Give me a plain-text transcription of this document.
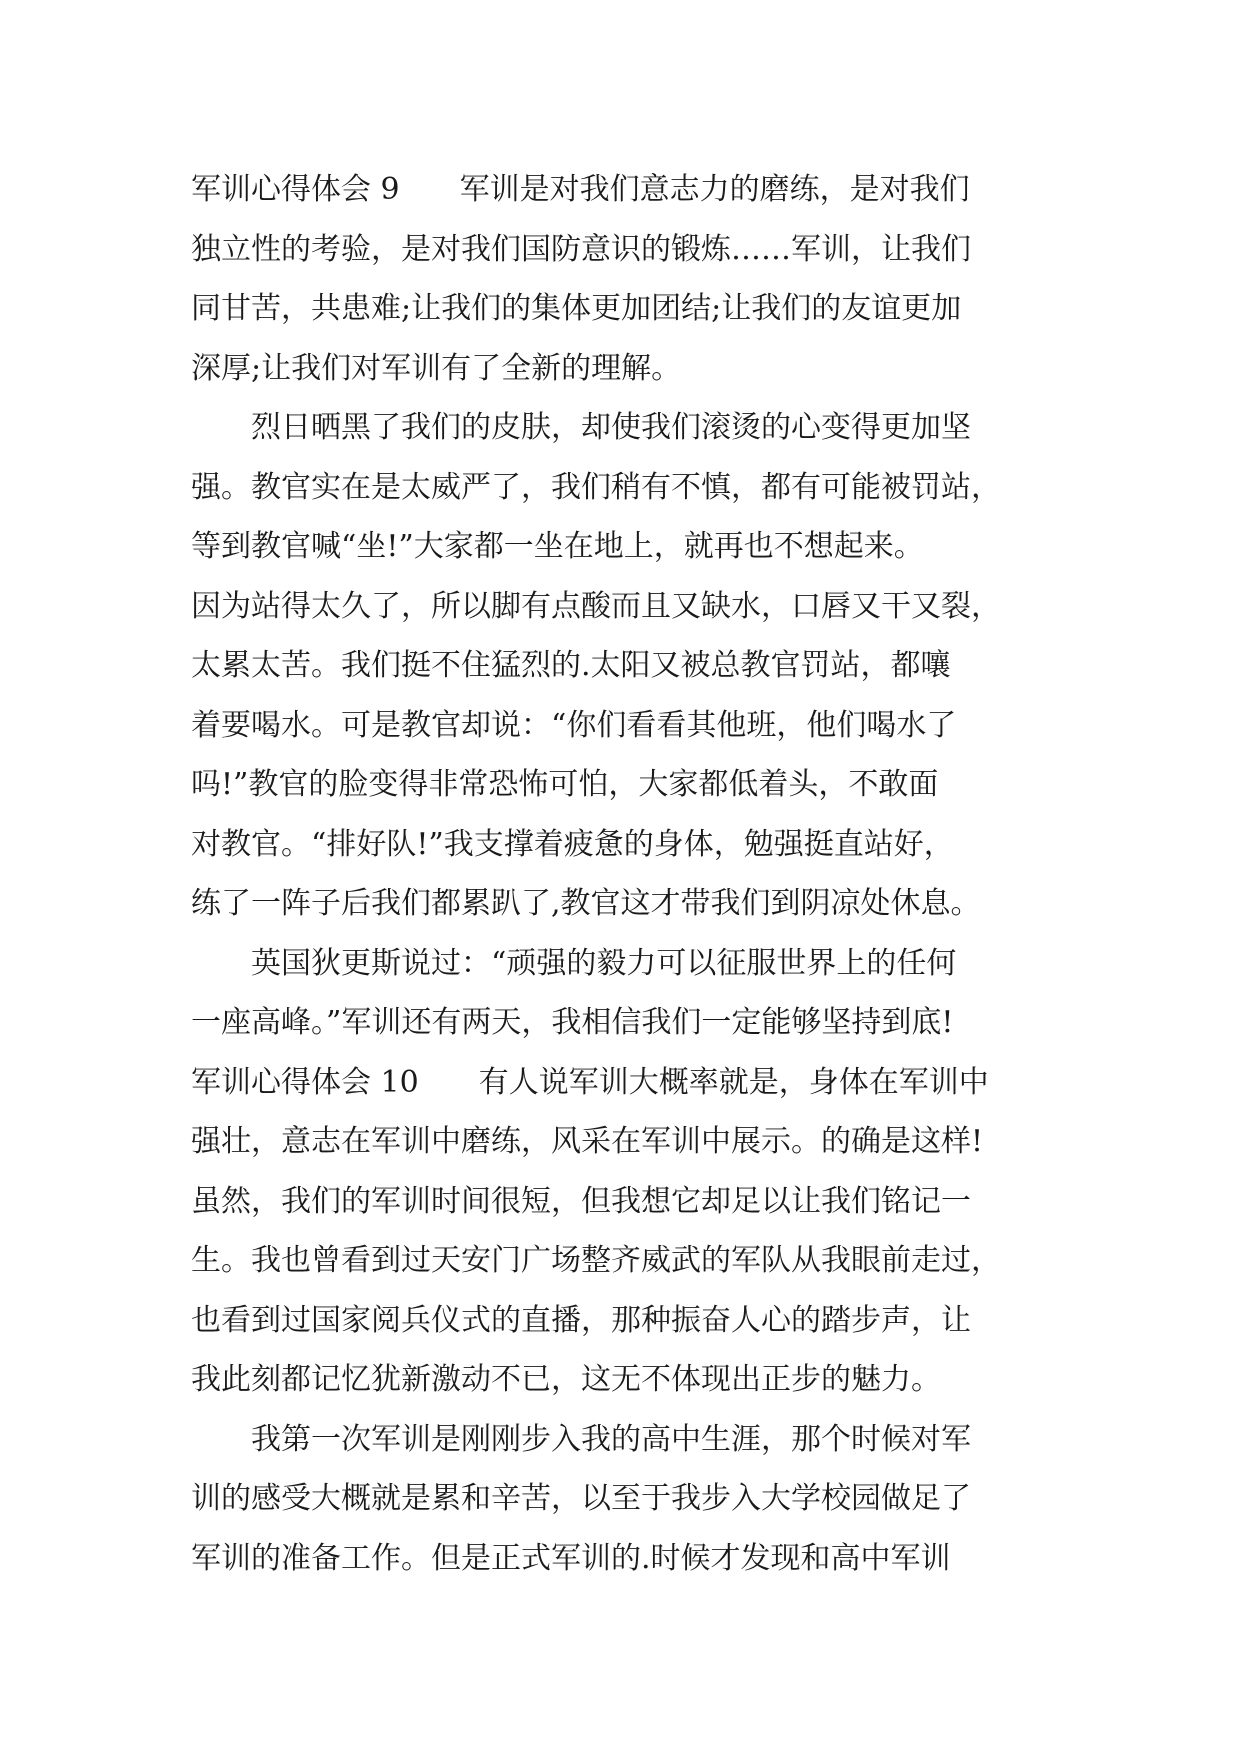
军训心得体会 9　　军训是对我们意志力的磨练，是对我们
独立性的考验，是对我们国防意识的锻炼……军训，让我们
同甘苦，共患难;让我们的集体更加团结;让我们的友谊更加
深厚;让我们对军训有了全新的理解。
烈日晒黑了我们的皮肤，却使我们滚烫的心变得更加坚
强。教官实在是太威严了，我们稍有不慎，都有可能被罚站，
等到教官喊“坐!”大家都一坐在地上，就再也不想起来。
因为站得太久了，所以脚有点酸而且又缺水，口唇又干又裂，
太累太苦。我们挺不住猛烈的.太阳又被总教官罚站，都嚷
着要喝水。可是教官却说：“你们看看其他班，他们喝水了
吗!”教官的脸变得非常恐怖可怕，大家都低着头，不敢面
对教官。“排好队!”我支撑着疲惫的身体，勉强挺直站好，
练了一阵子后我们都累趴了,教官这才带我们到阴凉处休息。
英国狄更斯说过：“顽强的毅力可以征服世界上的任何
一座高峰。”军训还有两天，我相信我们一定能够坚持到底!
军训心得体会 10　　有人说军训大概率就是，身体在军训中
强壮，意志在军训中磨练，风采在军训中展示。的确是这样!
虽然，我们的军训时间很短，但我想它却足以让我们铭记一
生。我也曾看到过天安门广场整齐威武的军队从我眼前走过，
也看到过国家阅兵仪式的直播，那种振奋人心的踏步声，让
我此刻都记忆犹新激动不已，这无不体现出正步的魅力。
我第一次军训是刚刚步入我的高中生涯，那个时候对军
训的感受大概就是累和辛苦，以至于我步入大学校园做足了
军训的准备工作。但是正式军训的.时候才发现和高中军训
